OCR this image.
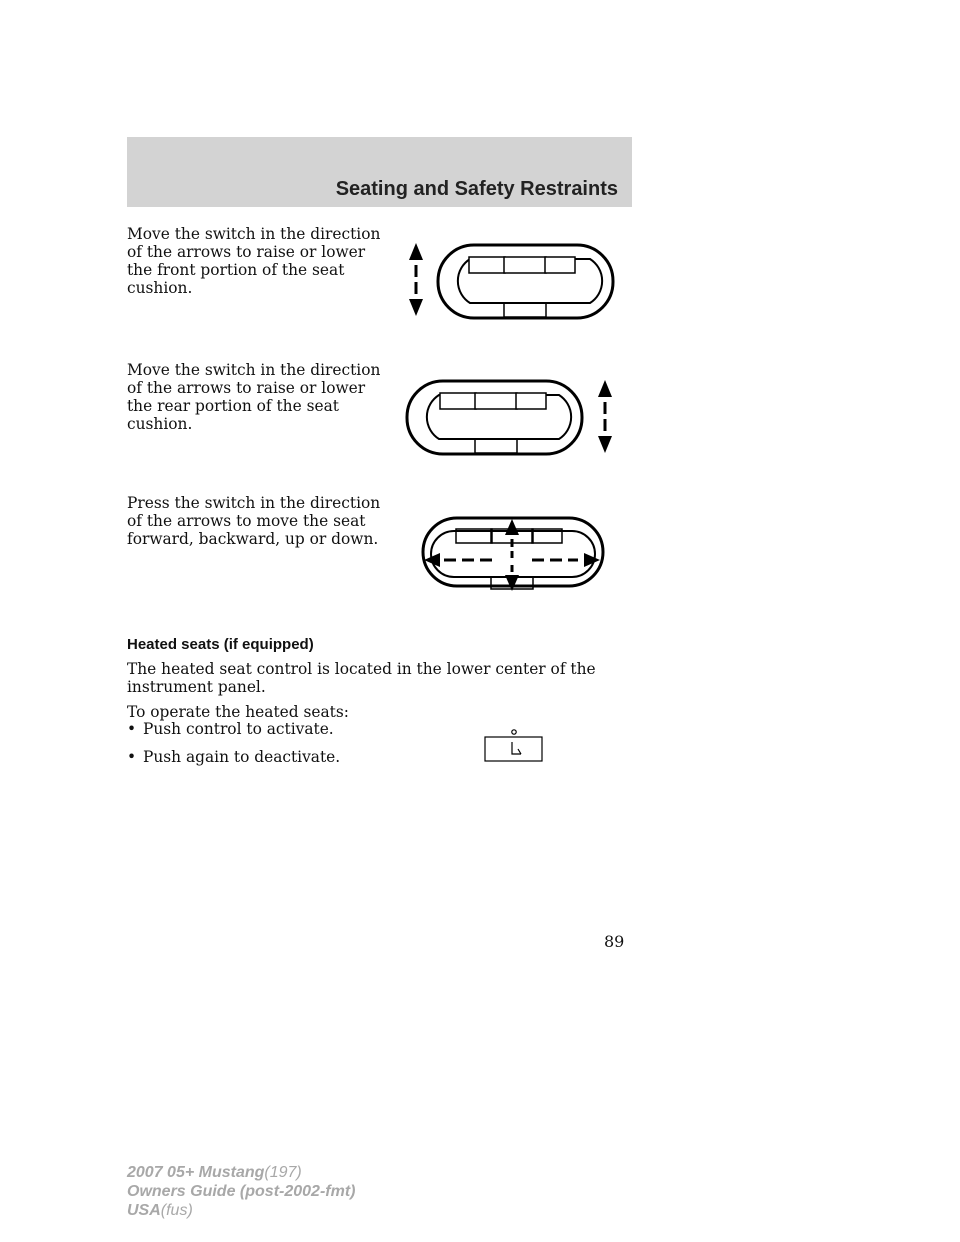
Seating and Safety Restraints

Move the switch in the direction of the arrows to raise or lower the front portion of the seat cushion.

Move the switch in the direction of the arrows to raise or lower the rear portion of the seat cushion.

Press the switch in the direction of the arrows to move the seat forward, backward, up or down.

Heated seats (if equipped)

The heated seat control is located in the lower center of the instrument panel.

To operate the heated seats:
• Push control to activate.
• Push again to deactivate.
89
2007 05+ Mustang(197)
Owners Guide (post-2002-fmt)
USA(fus)
